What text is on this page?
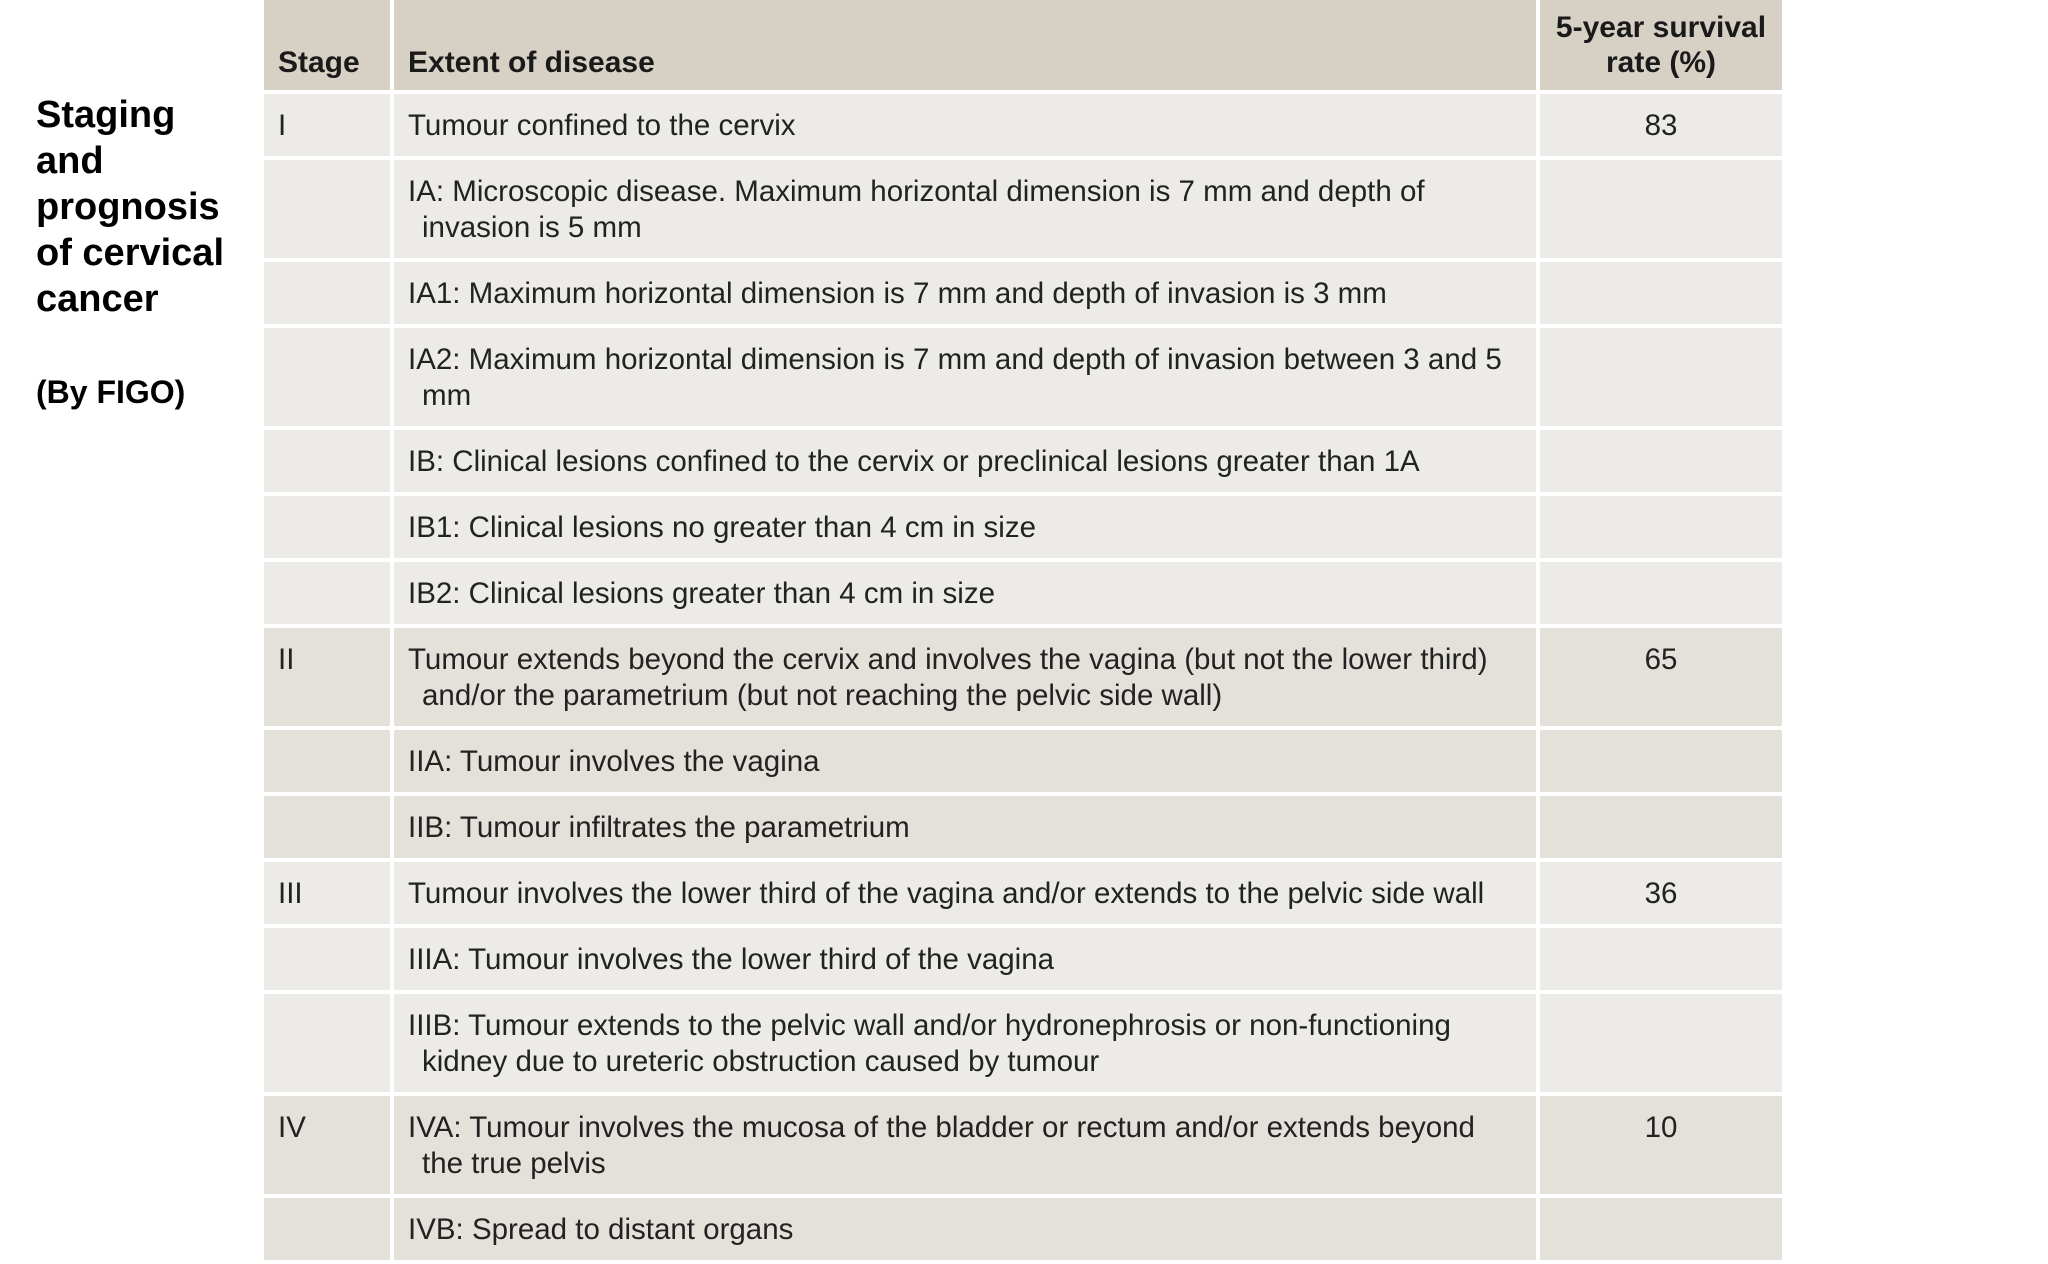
Staging
and
prognosis
of cervical
cancer
(By FIGO)
Stage	Extent of disease	5-year survival rate (%)
I	Tumour confined to the cervix	83

	IA: Microscopic disease. Maximum horizontal dimension is 7 mm and depth of invasion is 5 mm	

	IA1: Maximum horizontal dimension is 7 mm and depth of invasion is 3 mm	

	IA2: Maximum horizontal dimension is 7 mm and depth of invasion between 3 and 5 mm	

	IB: Clinical lesions confined to the cervix or preclinical lesions greater than 1A	

	IB1: Clinical lesions no greater than 4 cm in size	

	IB2: Clinical lesions greater than 4 cm in size	

II	Tumour extends beyond the cervix and involves the vagina (but not the lower third) and/or the parametrium (but not reaching the pelvic side wall)	65

	IIA: Tumour involves the vagina	

	IIB: Tumour infiltrates the parametrium	

III	Tumour involves the lower third of the vagina and/or extends to the pelvic side wall	36

	IIIA: Tumour involves the lower third of the vagina	

	IIIB: Tumour extends to the pelvic wall and/or hydronephrosis or non-functioning kidney due to ureteric obstruction caused by tumour	

IV	IVA: Tumour involves the mucosa of the bladder or rectum and/or extends beyond the true pelvis	10

	IVB: Spread to distant organs	
